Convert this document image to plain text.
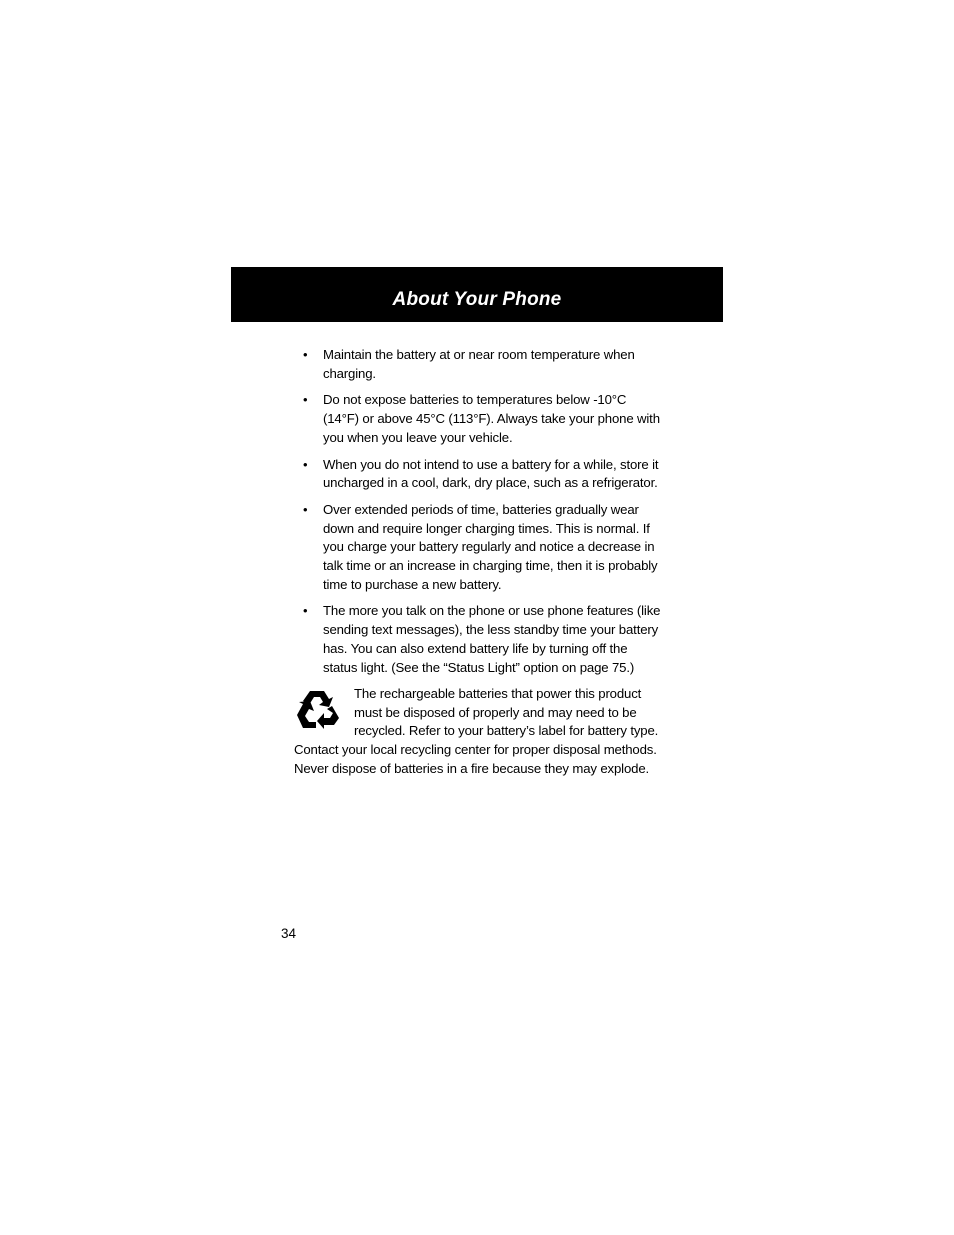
About Your Phone
• Maintain the battery at or near room temperature when charging.
• Do not expose batteries to temperatures below -10°C (14°F) or above 45°C (113°F). Always take your phone with you when you leave your vehicle.
• When you do not intend to use a battery for a while, store it uncharged in a cool, dark, dry place, such as a refrigerator.
• Over extended periods of time, batteries gradually wear down and require longer charging times. This is normal. If you charge your battery regularly and notice a decrease in talk time or an increase in charging time, then it is probably time to purchase a new battery.
• The more you talk on the phone or use phone features (like sending text messages), the less standby time your battery has. You can also extend battery life by turning off the status light. (See the “Status Light” option on page 75.)
The rechargeable batteries that power this product must be disposed of properly and may need to be recycled. Refer to your battery’s label for battery type. Contact your local recycling center for proper disposal methods. Never dispose of batteries in a fire because they may explode.
34
